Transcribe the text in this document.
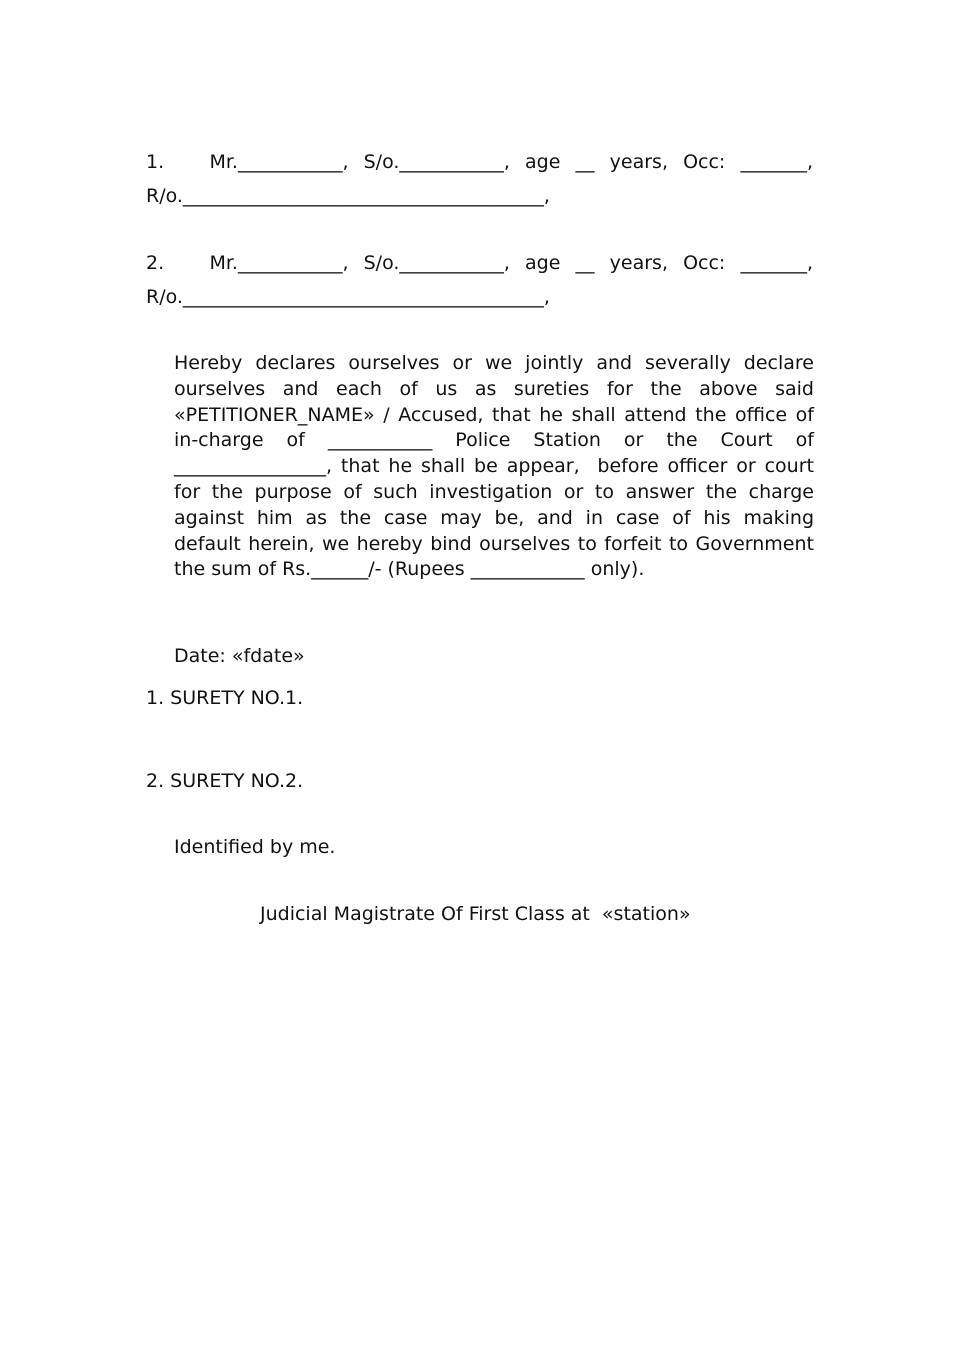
1.      Mr.___________,  S/o.___________,  age  __  years,  Occ:  _______,
R/o.______________________________________,
2.      Mr.___________,  S/o.___________,  age  __  years,  Occ:  _______,
R/o.______________________________________,
Hereby declares ourselves or we jointly and severally declare
ourselves and each of us as sureties for the above said
«PETITIONER_NAME» / Accused, that he shall attend the office of
in-charge of ___________ Police Station or the Court of
________________, that he shall be appear,  before officer or court
for the purpose of such investigation or to answer the charge
against him as the case may be, and in case of his making
default herein, we hereby bind ourselves to forfeit to Government
the sum of Rs.______/- (Rupees ____________ only).
Date: «fdate»
1. SURETY NO.1.
2. SURETY NO.2.
Identified by me.
Judicial Magistrate Of First Class at  «station»
